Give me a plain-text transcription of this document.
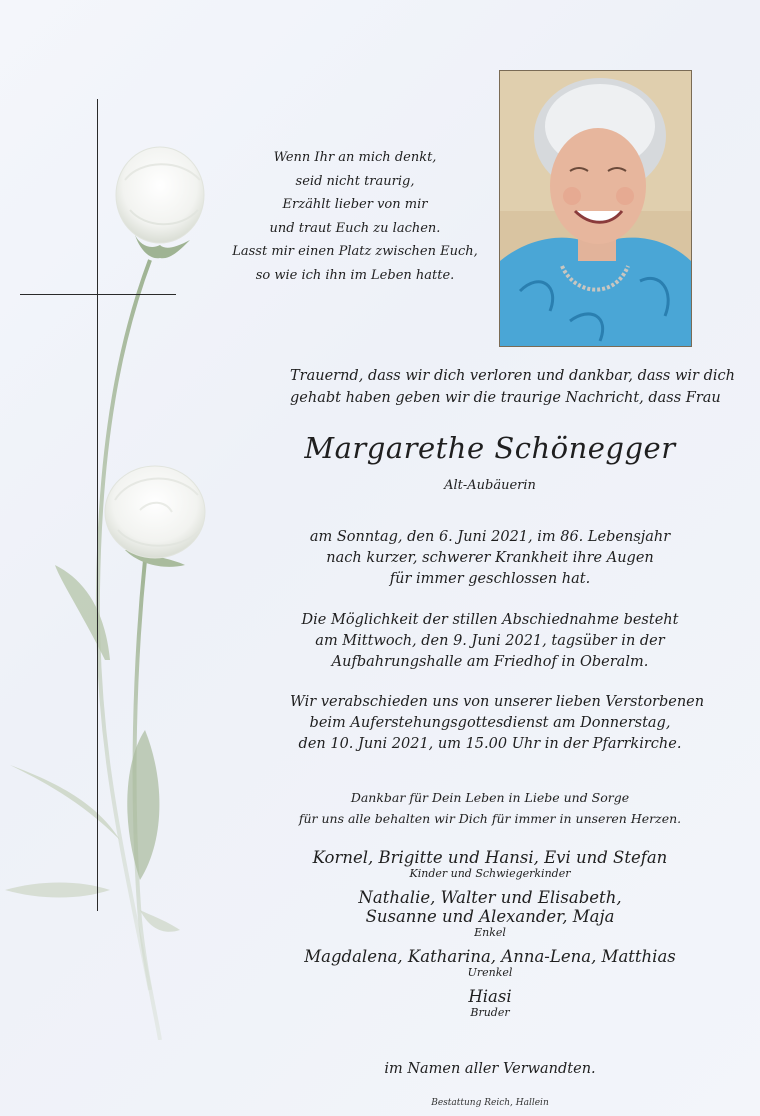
Wenn Ihr an mich denkt,
seid nicht traurig,
Erzählt lieber von mir
und traut Euch zu lachen.
Lasst mir einen Platz zwischen Euch,
so wie ich ihn im Leben hatte.
Trauernd, dass wir dich verloren und dankbar, dass wir dich
gehabt haben geben wir die traurige Nachricht, dass Frau
Margarethe Schönegger
Alt-Aubäuerin
am Sonntag, den 6. Juni 2021, im 86. Lebensjahr
nach kurzer, schwerer Krankheit ihre Augen
für immer geschlossen hat.
Die Möglichkeit der stillen Abschiednahme besteht
am Mittwoch, den 9. Juni 2021, tagsüber in der
Aufbahrungshalle am Friedhof in Oberalm.
Wir verabschieden uns von unserer lieben Verstorbenen
beim Auferstehungsgottesdienst am Donnerstag,
den 10. Juni 2021, um 15.00 Uhr in der Pfarrkirche.
Dankbar für Dein Leben in Liebe und Sorge
für uns alle behalten wir Dich für immer in unseren Herzen.
Kornel, Brigitte und Hansi, Evi und Stefan
Kinder und Schwiegerkinder
Nathalie, Walter und Elisabeth,
Susanne und Alexander, Maja
Enkel
Magdalena, Katharina, Anna-Lena, Matthias
Urenkel
Hiasi
Bruder
im Namen aller Verwandten.
Bestattung Reich, Hallein
